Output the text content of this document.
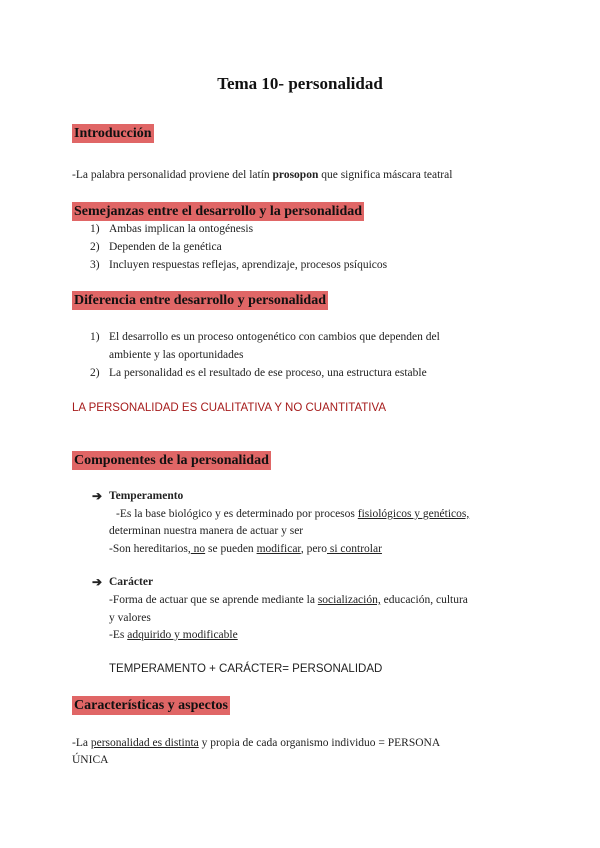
Tema 10- personalidad
Introducción
-La palabra personalidad proviene del latín prosopon que significa máscara teatral
Semejanzas entre el desarrollo y la personalidad
1) Ambas implican la ontogénesis
2) Dependen de la genética
3) Incluyen respuestas reflejas, aprendizaje, procesos psíquicos
Diferencia entre desarrollo y personalidad
1) El desarrollo es un proceso ontogenético con cambios que dependen del
ambiente y las oportunidades
2) La personalidad es el resultado de ese proceso, una estructura estable
LA PERSONALIDAD ES CUALITATIVA Y NO CUANTITATIVA
Componentes de la personalidad
➔ Temperamento
-Es la base biológico y es determinado por procesos fisiológicos y genéticos,
determinan nuestra manera de actuar y ser
-Son hereditarios, no se pueden modificar, pero si controlar
➔ Carácter
-Forma de actuar que se aprende mediante la socialización, educación, cultura
y valores
-Es adquirido y modificable
TEMPERAMENTO + CARÁCTER= PERSONALIDAD
Características y aspectos
-La personalidad es distinta y propia de cada organismo individuo = PERSONA
ÚNICA
